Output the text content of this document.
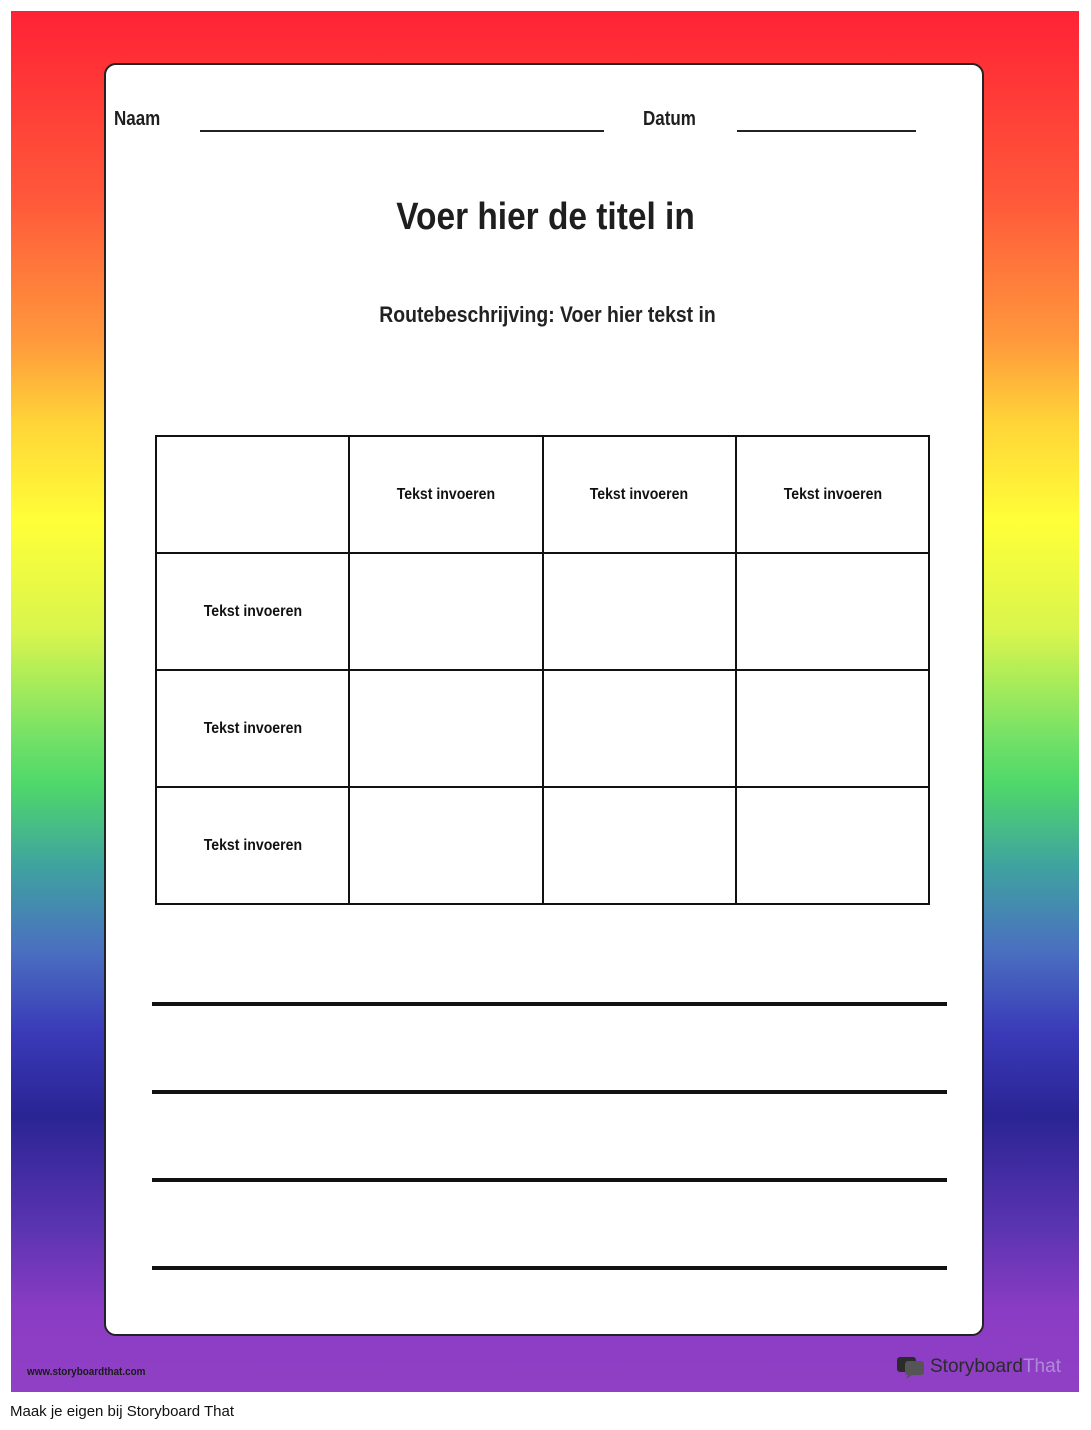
www.storyboardthat.com	StoryboardThat
Naam	Datum
Voer hier de titel in
Routebeschrijving: Voer hier tekst in
	Tekst invoeren	Tekst invoeren	Tekst invoeren
Tekst invoeren			
Tekst invoeren			
Tekst invoeren			
Maak je eigen bij Storyboard That
